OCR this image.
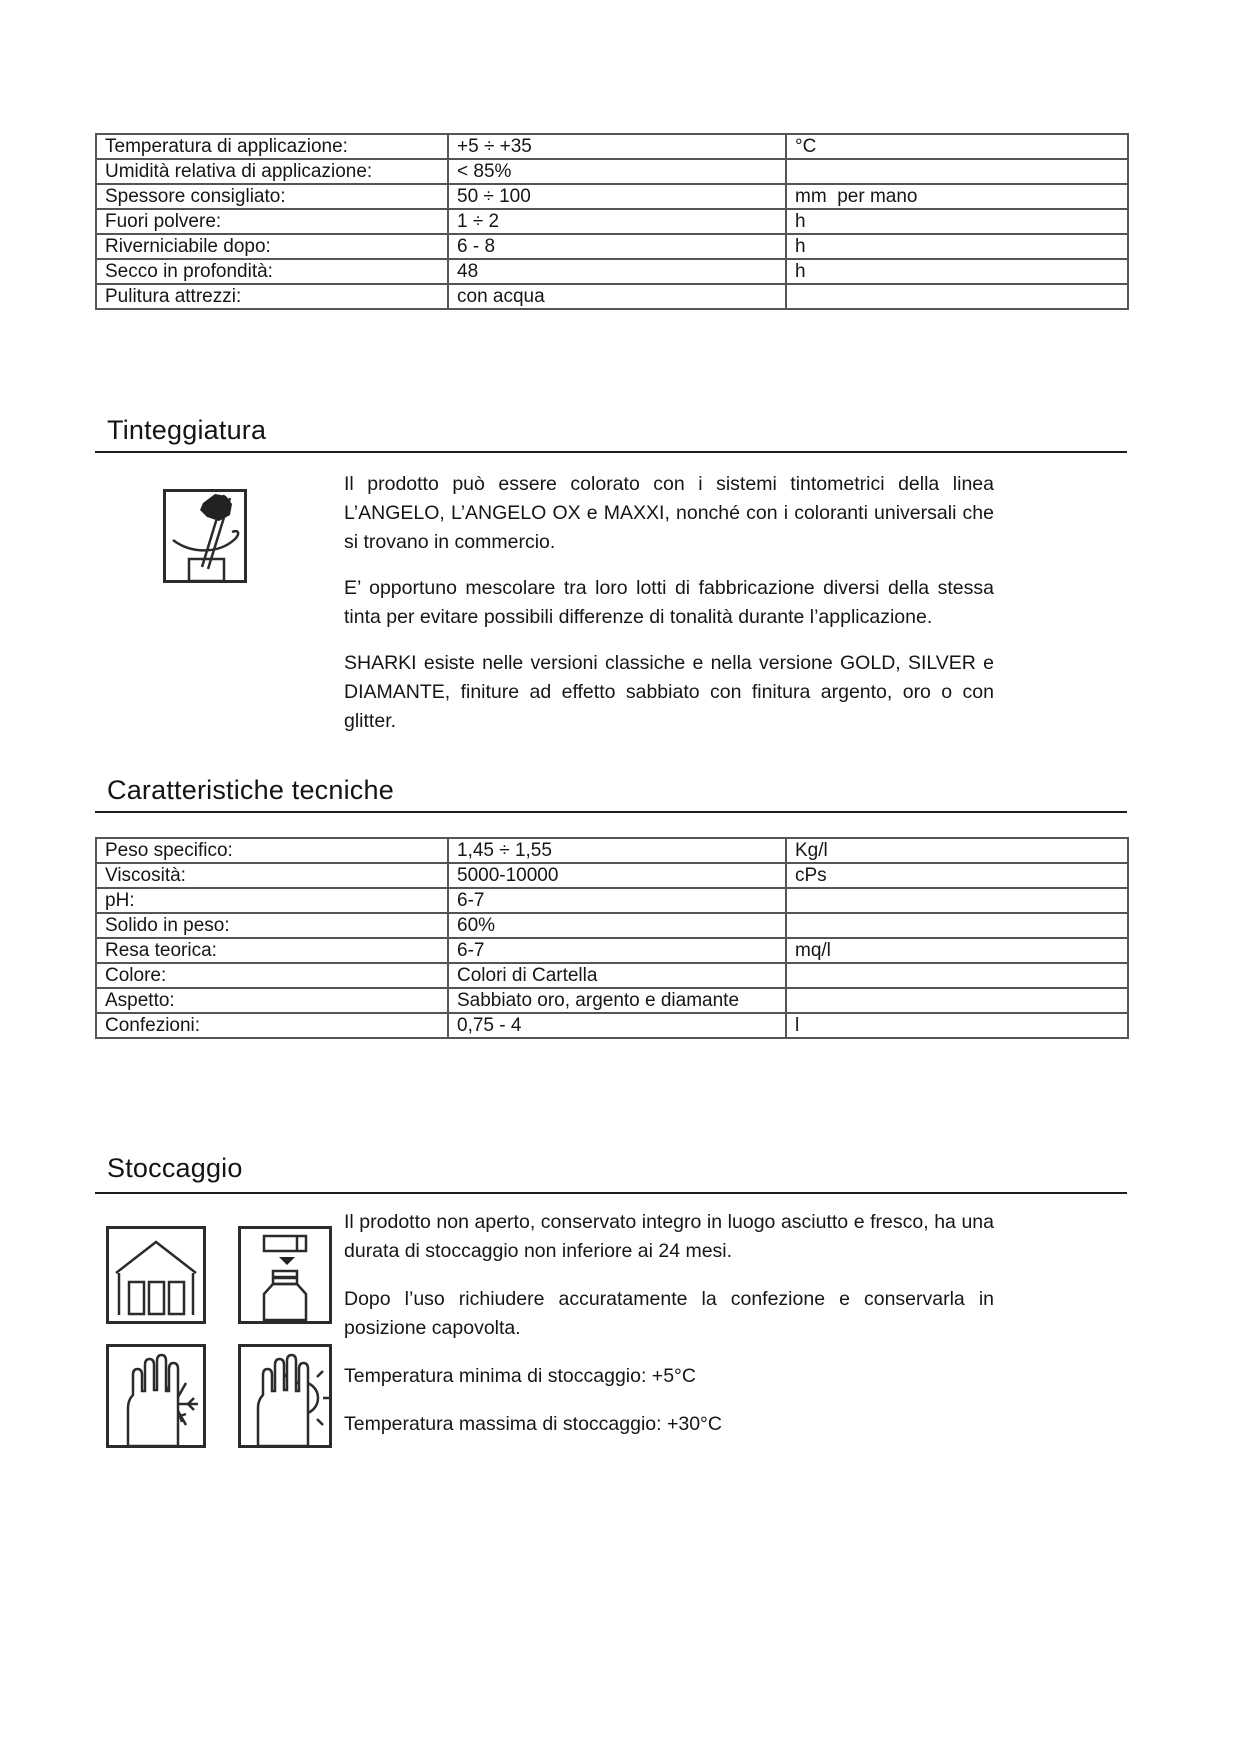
Temperatura di applicazione:	+5 ÷ +35	°C
Umidità relativa di applicazione:	< 85%	
Spessore consigliato:	50 ÷ 100	mm  per mano
Fuori polvere:	1 ÷ 2	h
Riverniciabile dopo:	6 - 8	h
Secco in profondità:	48	h
Pulitura attrezzi:	con acqua	
Tinteggiatura

Il prodotto può essere colorato con i sistemi tintometrici della linea L’ANGELO, L’ANGELO OX e MAXXI, nonché con i coloranti universali che si trovano in commercio.

E’ opportuno mescolare tra loro lotti di fabbricazione diversi della stessa tinta per evitare possibili differenze di tonalità durante l’applicazione.

SHARKI esiste nelle versioni classiche e nella versione GOLD, SILVER e DIAMANTE, finiture ad effetto sabbiato con finitura argento, oro o con glitter.

Caratteristiche tecniche
Peso specifico:	1,45 ÷ 1,55	Kg/l
Viscosità:	5000-10000	cPs
pH:	6-7	
Solido in peso:	60%	
Resa teorica:	6-7	mq/l
Colore:	Colori di Cartella	
Aspetto:	Sabbiato oro, argento e diamante	
Confezioni:	0,75 - 4	l
Stoccaggio

Il prodotto non aperto, conservato integro in luogo asciutto e fresco, ha una durata di stoccaggio non inferiore ai 24 mesi.

Dopo l’uso richiudere accuratamente la confezione e conservarla in posizione capovolta.

Temperatura minima di stoccaggio: +5°C

Temperatura massima di stoccaggio: +30°C
